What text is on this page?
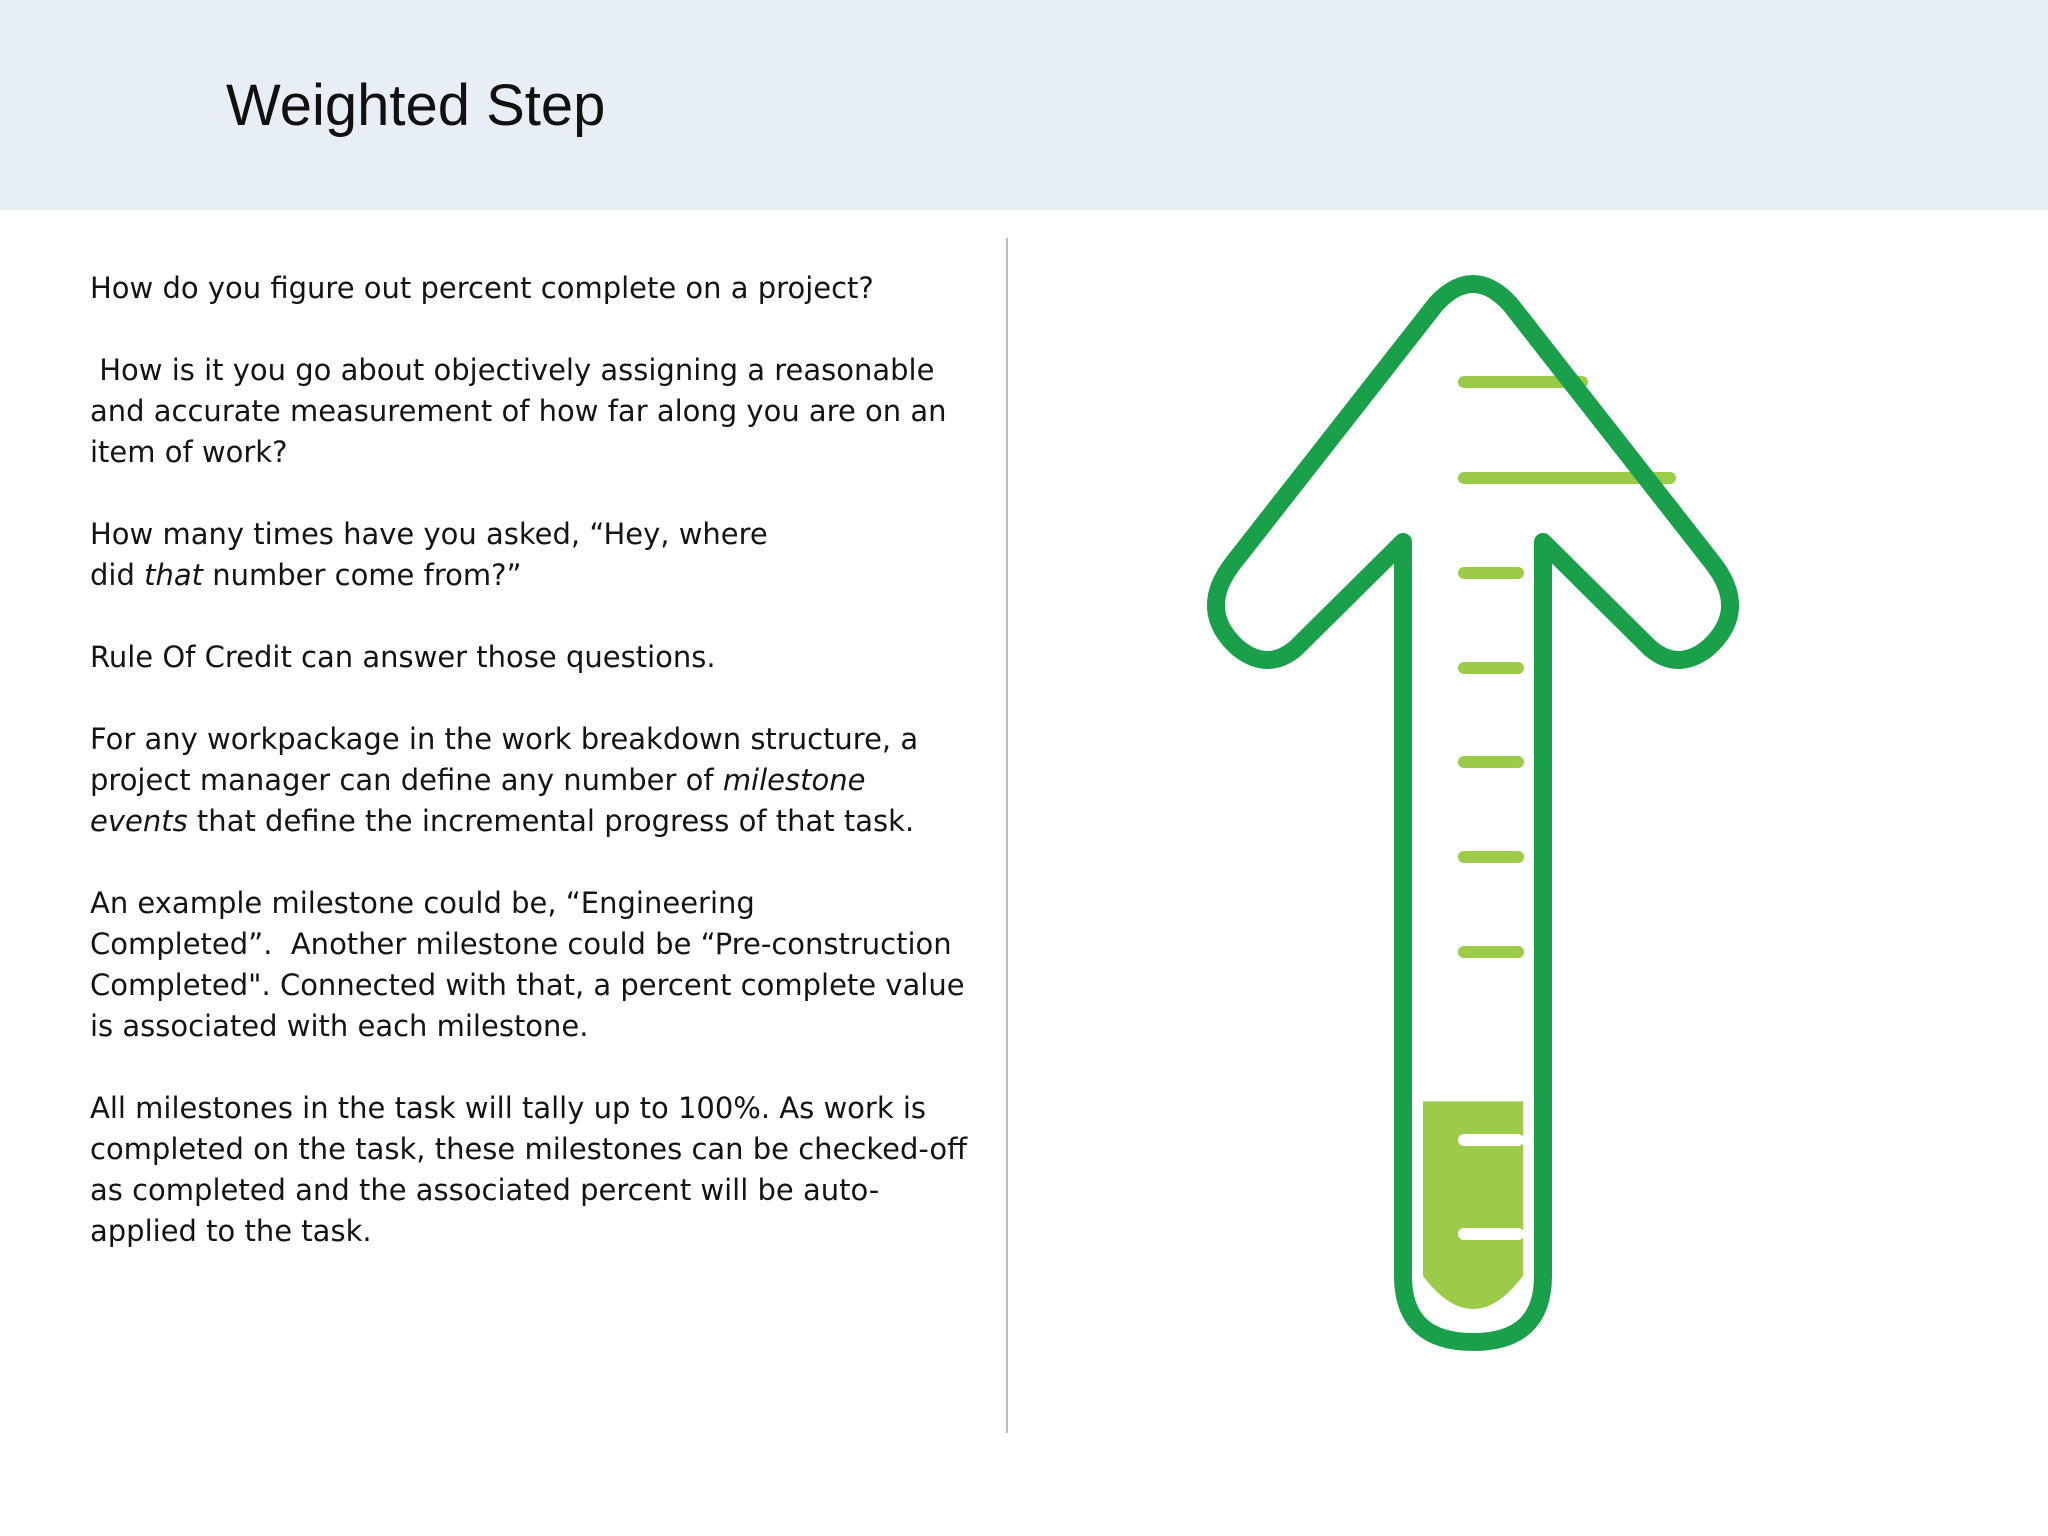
Weighted Step

How do you figure out percent complete on a project?

How is it you go about objectively assigning a reasonable
and accurate measurement of how far along you are on an
item of work?

How many times have you asked, “Hey, where
did that number come from?”

Rule Of Credit can answer those questions.

For any workpackage in the work breakdown structure, a
project manager can define any number of milestone
events that define the incremental progress of that task.

An example milestone could be, “Engineering
Completed”.  Another milestone could be “Pre-construction
Completed". Connected with that, a percent complete value
is associated with each milestone.

All milestones in the task will tally up to 100%. As work is
completed on the task, these milestones can be checked-off
as completed and the associated percent will be auto-
applied to the task.
